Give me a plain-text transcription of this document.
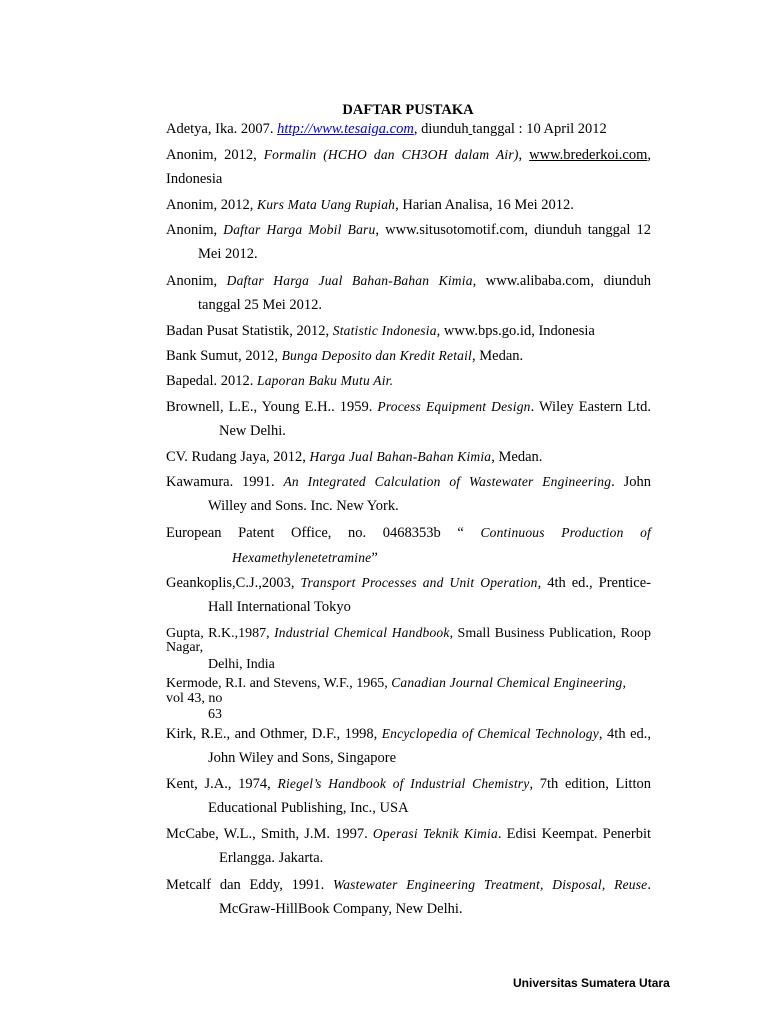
DAFTAR PUSTAKA
Adetya, Ika. 2007. http://www.tesaiga.com, diunduh tanggal : 10 April 2012
Anonim, 2012, Formalin (HCHO dan CH3OH dalam Air), www.brederkoi.com,
Indonesia
Anonim, 2012, Kurs Mata Uang Rupiah, Harian Analisa, 16 Mei 2012.
Anonim, Daftar Harga Mobil Baru, www.situsotomotif.com, diunduh tanggal 12
Mei 2012.
Anonim, Daftar Harga Jual Bahan-Bahan Kimia, www.alibaba.com, diunduh
tanggal 25 Mei 2012.
Badan Pusat Statistik, 2012, Statistic Indonesia, www.bps.go.id, Indonesia
Bank Sumut, 2012, Bunga Deposito dan Kredit Retail, Medan.
Bapedal. 2012. Laporan Baku Mutu Air.
Brownell, L.E., Young E.H.. 1959. Process Equipment Design. Wiley Eastern Ltd.
New Delhi.
CV. Rudang Jaya, 2012, Harga Jual Bahan-Bahan Kimia, Medan.
Kawamura. 1991. An Integrated Calculation of Wastewater Engineering. John
Willey and Sons. Inc. New York.
European Patent Office, no. 0468353b “ Continuous Production of
Hexamethylenetetramine”
Geankoplis,C.J.,2003, Transport Processes and Unit Operation, 4th ed., Prentice-
Hall International Tokyo
Gupta, R.K.,1987, Industrial Chemical Handbook, Small Business Publication, Roop
Nagar,
Delhi, India
Kermode, R.I. and Stevens, W.F., 1965, Canadian Journal Chemical Engineering,
vol 43, no
63
Kirk, R.E., and Othmer, D.F., 1998, Encyclopedia of Chemical Technology, 4th ed.,
John Wiley and Sons, Singapore
Kent, J.A., 1974, Riegel’s Handbook of Industrial Chemistry, 7th edition, Litton
Educational Publishing, Inc., USA
McCabe, W.L., Smith, J.M. 1997. Operasi Teknik Kimia. Edisi Keempat. Penerbit
Erlangga. Jakarta.
Metcalf dan Eddy, 1991. Wastewater Engineering Treatment, Disposal, Reuse.
McGraw-HillBook Company, New Delhi.
Universitas Sumatera Utara
